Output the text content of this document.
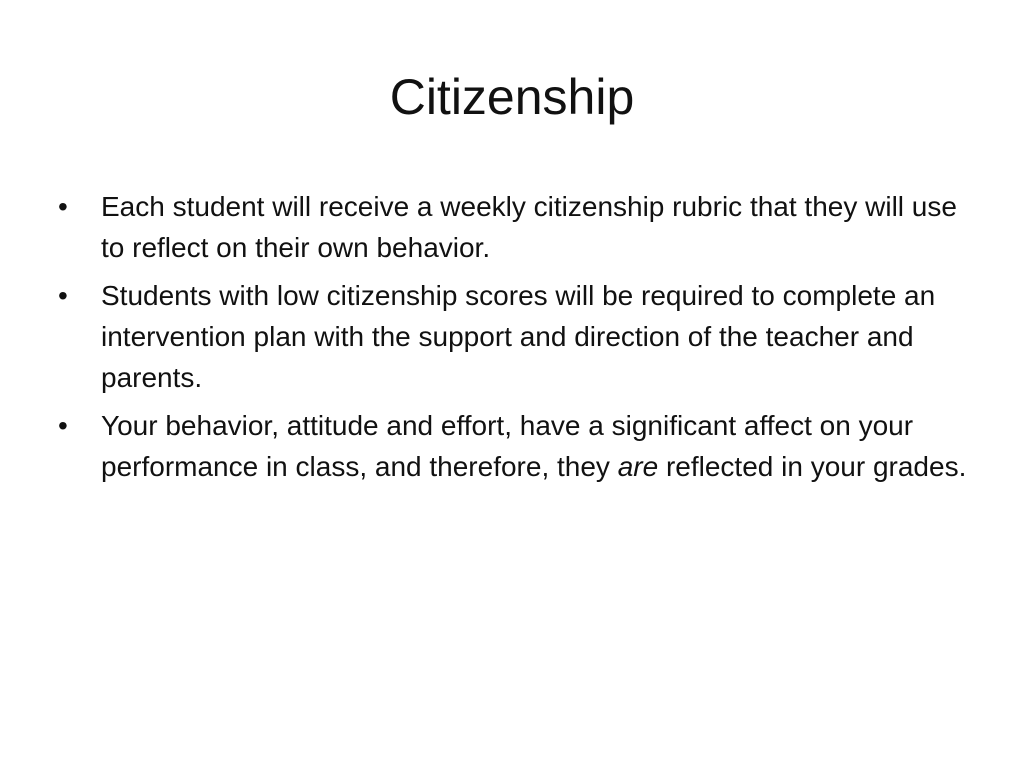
Citizenship
•	Each student will receive a weekly citizenship rubric that they will use to reflect on their own behavior.
•	Students with low citizenship scores will be required to complete an intervention plan with the support and direction of the teacher and parents.
•	Your behavior, attitude and effort, have a significant affect on your performance in class, and therefore, they are reflected in your grades.
